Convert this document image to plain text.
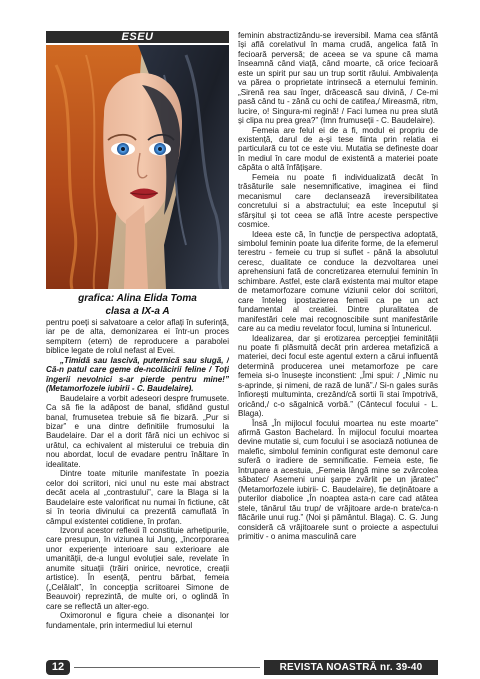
ESEU
grafica: Alina Elida Toma
clasa a IX-a A

pentru poeți si salvatoare a celor aflați în suferință, iar pe de alta, demonizarea ei într-un proces sempitern (etern) de reproducere a parabolei biblice legate de rolul nefast al Evei.

„Timidă sau lascivă, puternică sau slugă, / Că-n patul care geme de-ncolăcirii feline / Toți îngerii nevolnici s-ar pierde pentru mine!” (Metamorfozele iubirii - C. Baudelaire).

Baudelaire a vorbit adeseori despre frumusete. Ca să fie la adăpost de banal, sfidând gustul banal, frumusetea trebuie să fie bizară. „Pur si bizar” e una dintre definitiile frumosului la Baudelaire. Dar el a dorit fără nici un echivoc si urâtul, ca echivalent al misterului ce trebuia din nou abordat, locul de evadare pentru înăltare în idealitate.

Dintre toate miturile manifestate în poezia celor doi scriitori, nici unul nu este mai abstract decât acela al „contrastului”, care la Blaga si la Baudelaire este valorificat nu numai în fictiune, cât si în teoria divinului ca prezentă camuflată în câmpul existentei cotidiene, în profan.

Izvorul acestor reflexii îl constituie arhetipurile, care presupun, în viziunea lui Jung, „încorporarea unor experiențe interioare sau exterioare ale umanității, de-a lungul evoluției sale, revelate în anumite situații (trăiri onirice, nevrotice, creații artistice). În esență, pentru bărbat, femeia („Celălalt”, în concepția scriitoarei Simone de Beauvoir) reprezintă, de multe ori, o oglindă în care se reflectă un alter-ego.

Oximoronul e figura cheie a disonanței lor fundamentale, prin intermediul lui eternul

feminin abstractizându-se ireversibil. Mama cea sfântă își află corelativul în mama crudă, angelica fată în fecioară perversă; de aceea se va spune că mama înseamnă când viață, când moarte, că orice fecioară este un spirit pur sau un trup sortit răului. Ambivalența va părea o proprietate intrinsecă a eternului feminin. „Sirenă rea sau înger, drăcească sau divină, / Ce-mi pasă când tu - zână cu ochi de catifea,/ Mireasmă, ritm, lucire, o! Singura-mi regină! / Faci lumea nu prea slută și clipa nu prea grea?” (Imn frumuseții - C. Baudelaire).

Femeia are felul ei de a fi, modul ei propriu de existență, darul de a-și tese fiinta prin relatia ei particulară cu tot ce este viu. Mutatia se defineste doar în mediul în care modul de existentă a materiei poate căpăta o altă înfățișare.

Femeia nu poate fi individualizată decât în trăsăturile sale nesemnificative, imaginea ei fiind mecanismul care declansează ireversibilitatea concretului si a abstractului; ea este începutul și sfârșitul și tot ceea se află între aceste perspective cosmice.

Ideea este că, în funcție de perspectiva adoptată, simbolul feminin poate lua diferite forme, de la efemerul terestru - femeie cu trup si suflet - până la absolutul ceresc, dualitate ce conduce la dezvoltarea unei aprehensiuni fată de concretizarea eternului feminin în schimbare. Astfel, este clară existenta mai multor etape de metamorfozare comune viziunii celor doi scriitori, care înteleg ipostazierea femeii ca pe un act fundamental al creatiei. Dintre pluralitatea de manifestări cele mai recognoscibile sunt manifestările care au ca mediu revelator focul, lumina si întunericul.

Idealizarea, dar și erotizarea percepției feminității nu poate fi plăsmuită decât prin arderea metafizică a materiei, deci focul este agentul extern a cărui influentă determină producerea unei metamorfoze pe care femeia si-o înusește inconstient: „Îmi spui: / „Nimic nu s-aprinde, și nimeni, de rază de lună”./ Si-n gales surâs înfiorești multuminta, crezând/că sortii îi stai împotrivă, oricând,/ c-o săgalnică vorbă.” (Cântecul focului - L. Blaga).

Însă „În mijlocul focului moartea nu este moarte” afirmă Gaston Bachelard. În mijlocul focului moartea devine mutatie si, cum focului i se asociază notiunea de malefic, simbolul feminin configurat este demonul care suferă o iradiere de semnificatie. Femeia este, fie întrupare a acestuia, „Femeia lângă mine se zvârcolea săbatec/ Asemeni unui șarpe zvârlit pe un jăratec” (Metamorfozele iubirii- C. Baudelaire), fie deținătoare a puterilor diabolice „În noaptea asta-n care cad atâtea stele, tânărul tău trup/ de vrăjitoare arde-n brate/ca-n flăcările unui rug.” (Noi și pământul. Blaga). C. G. Jung consideră că vrăjitoarele sunt o proiecte a aspectului primitiv - o anima masculină care

12	REVISTA NOASTRĂ nr. 39-40
